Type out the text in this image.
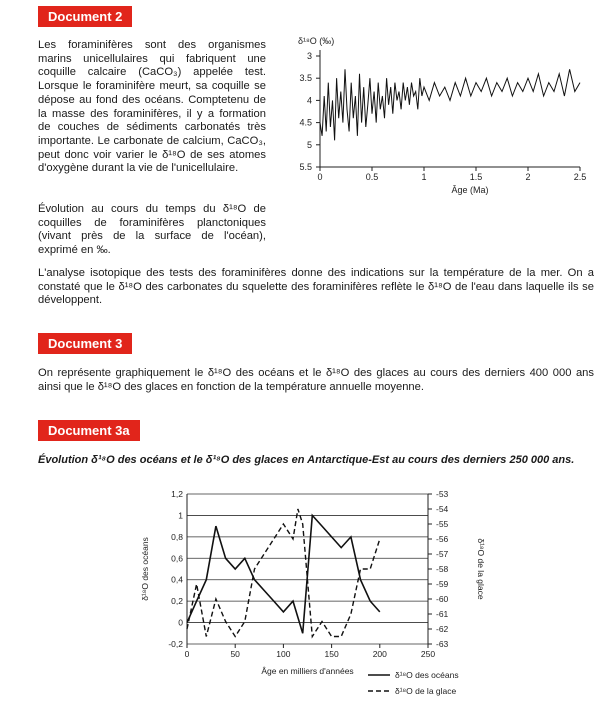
Document 2

Les foraminifères sont des organismes marins unicellulaires qui fabriquent une coquille calcaire (CaCO₃) appelée test. Lorsque le foraminifère meurt, sa coquille se dépose au fond des océans. Comptetenu de la masse des foraminifères, il y a formation de couches de sédiments carbonatés très importante. Le carbonate de calcium, CaCO₃, peut donc voir varier le δ¹⁸O de ses atomes d'oxygène durant la vie de l'unicellulaire.

Évolution au cours du temps du δ¹⁸O de coquilles de foraminifères planctoniques (vivant près de la surface de l'océan), exprimé en ‰.

δ¹⁸O (‰)
3
3.5
4
4.5
5
5.5
0	0.5	1	1.5	2	2.5
Âge (Ma)

L'analyse isotopique des tests des foraminifères donne des indications sur la température de la mer. On a constaté que le δ¹⁸O des carbonates du squelette des foraminifères reflète le δ¹⁸O de l'eau dans laquelle ils se développent.

Document 3

On représente graphiquement le δ¹⁸O des océans et le δ¹⁸O des glaces au cours des derniers 400 000 ans ainsi que le δ¹⁸O des glaces en fonction de la température annuelle moyenne.

Document 3a
Évolution δ¹⁸O des océans et le δ¹⁸O des glaces en Antarctique-Est au cours des derniers 250 000 ans.
-0,2
0
0,2
0,4
0,6
0,8
1
1,2	-53
-54
-55
-56
-57
-58
-59
-60
-61
-62
-63
0	50	100	150	200	250
Âge en milliers d'années
δ¹⁸O des océans	δ¹⁸O de la glace
δ¹⁸O des océans
δ¹⁸O de la glace
